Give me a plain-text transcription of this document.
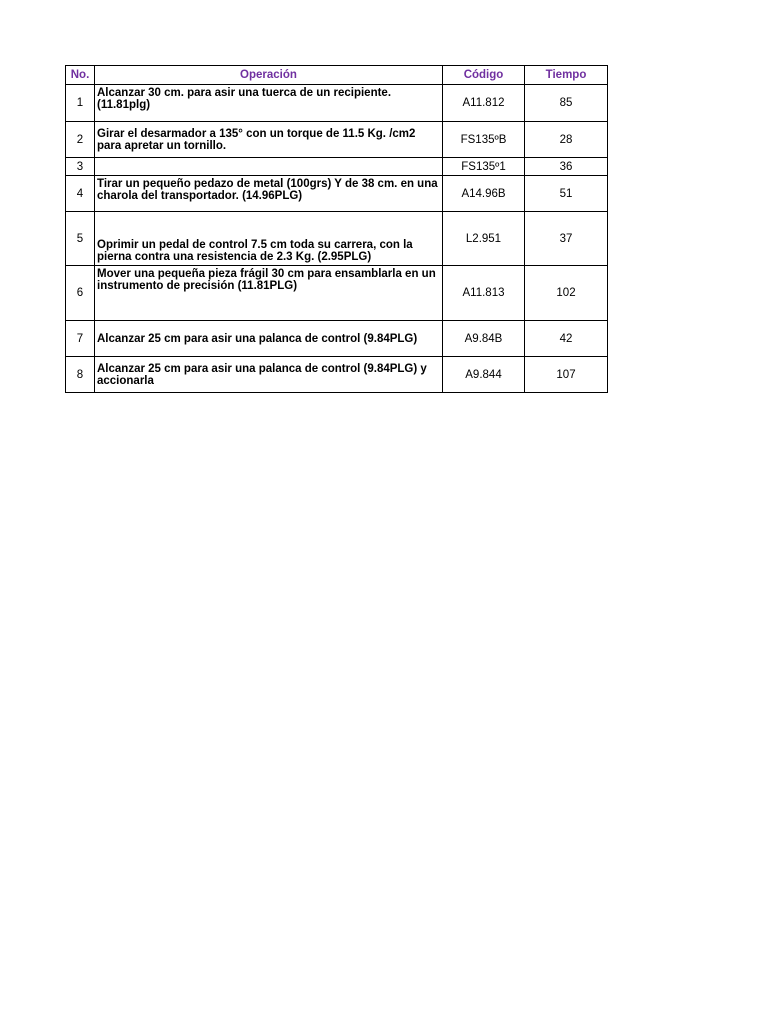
No.	Operación	Código	Tiempo
1	Alcanzar 30 cm. para asir una tuerca de un recipiente. (11.81plg)	A11.812	85
2	Girar el desarmador a 135° con un torque de 11.5 Kg. /cm2 para apretar un tornillo.	FS135ºB	28
3		FS135º1	36
4	Tirar un pequeño pedazo de metal (100grs) Y de 38 cm. en una charola del transportador. (14.96PLG)	A14.96B	51
5	Oprimir un pedal de control 7.5 cm toda su carrera, con la pierna contra una resistencia de 2.3 Kg. (2.95PLG)	L2.951	37
6	Mover una pequeña pieza frágil 30 cm para ensamblarla en un instrumento de precisión (11.81PLG)	A11.813	102
7	Alcanzar 25 cm para asir una palanca de control (9.84PLG)	A9.84B	42
8	Alcanzar 25 cm para asir una palanca de control (9.84PLG) y accionarla	A9.844	107
